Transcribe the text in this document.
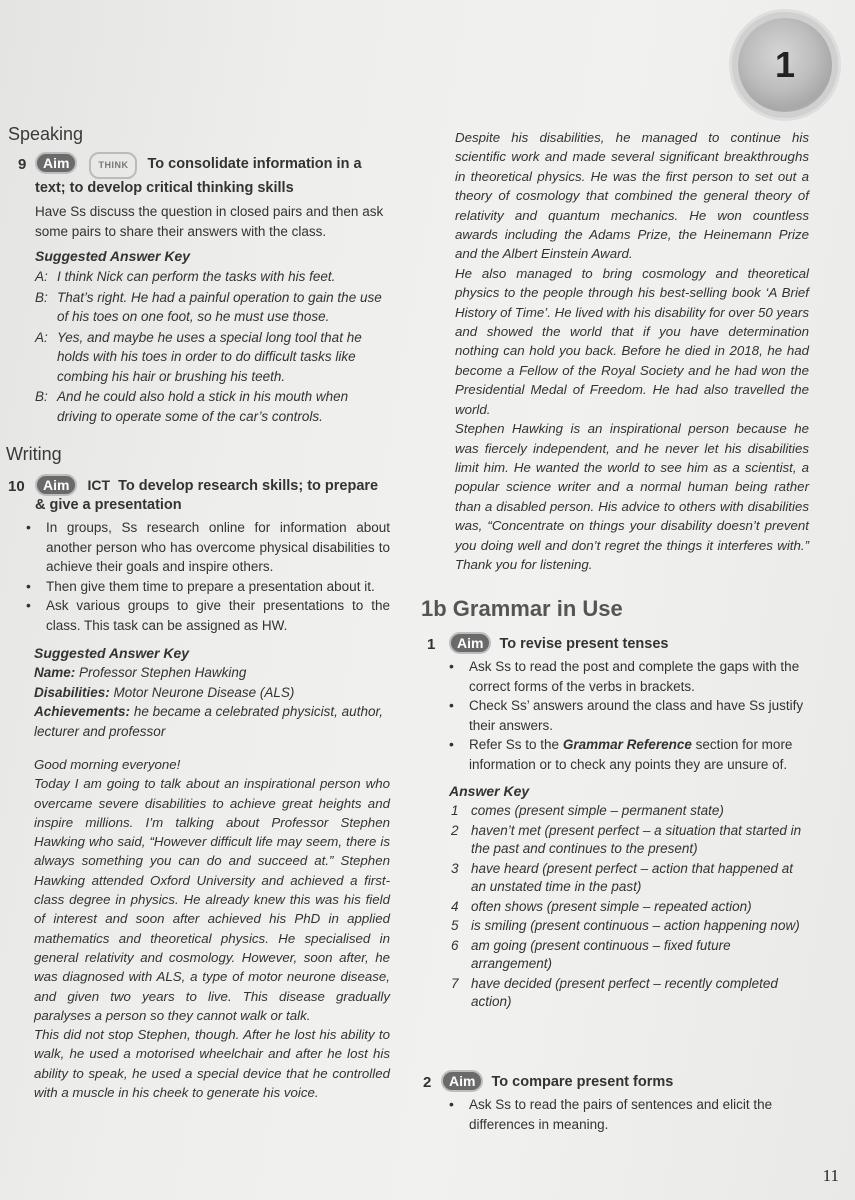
1
Speaking
9	Aim	THINK To consolidate information in a text; to develop critical thinking skills
Have Ss discuss the question in closed pairs and then ask some pairs to share their answers with the class.
Suggested Answer Key
A: I think Nick can perform the tasks with his feet.
B: That’s right. He had a painful operation to gain the use of his toes on one foot, so he must use those.
A: Yes, and maybe he uses a special long tool that he holds with his toes in order to do difficult tasks like combing his hair or brushing his teeth.
B: And he could also hold a stick in his mouth when driving to operate some of the car’s controls.
Writing
10	Aim ICT To develop research skills; to prepare & give a presentation
• In groups, Ss research online for information about another person who has overcome physical disabilities to achieve their goals and inspire others.
• Then give them time to prepare a presentation about it.
• Ask various groups to give their presentations to the class. This task can be assigned as HW.
Suggested Answer Key
Name: Professor Stephen Hawking
Disabilities: Motor Neurone Disease (ALS)
Achievements: he became a celebrated physicist, author, lecturer and professor
Good morning everyone!
Today I am going to talk about an inspirational person who overcame severe disabilities to achieve great heights and inspire millions. I’m talking about Professor Stephen Hawking who said, “However difficult life may seem, there is always something you can do and succeed at.” Stephen Hawking attended Oxford University and achieved a first-class degree in physics. He already knew this was his field of interest and soon after achieved his PhD in applied mathematics and theoretical physics. He specialised in general relativity and cosmology. However, soon after, he was diagnosed with ALS, a type of motor neurone disease, and given two years to live. This disease gradually paralyses a person so they cannot walk or talk.
This did not stop Stephen, though. After he lost his ability to walk, he used a motorised wheelchair and after he lost his ability to speak, he used a special device that he controlled with a muscle in his cheek to generate his voice.
Despite his disabilities, he managed to continue his scientific work and made several significant breakthroughs in theoretical physics. He was the first person to set out a theory of cosmology that combined the general theory of relativity and quantum mechanics. He won countless awards including the Adams Prize, the Heinemann Prize and the Albert Einstein Award.
He also managed to bring cosmology and theoretical physics to the people through his best-selling book ‘A Brief History of Time’. He lived with his disability for over 50 years and showed the world that if you have determination nothing can hold you back. Before he died in 2018, he had become a Fellow of the Royal Society and he had won the Presidential Medal of Freedom. He had also travelled the world.
Stephen Hawking is an inspirational person because he was fiercely independent, and he never let his disabilities limit him. He wanted the world to see him as a scientist, a popular science writer and a normal human being rather than a disabled person. His advice to others with disabilities was, “Concentrate on things your disability doesn’t prevent you doing well and don’t regret the things it interferes with.” Thank you for listening.
1b Grammar in Use
1	Aim To revise present tenses
• Ask Ss to read the post and complete the gaps with the correct forms of the verbs in brackets.
• Check Ss’ answers around the class and have Ss justify their answers.
• Refer Ss to the Grammar Reference section for more information or to check any points they are unsure of.
Answer Key
1 comes (present simple – permanent state)
2 haven’t met (present perfect – a situation that started in the past and continues to the present)
3 have heard (present perfect – action that happened at an unstated time in the past)
4 often shows (present simple – repeated action)
5 is smiling (present continuous – action happening now)
6 am going (present continuous – fixed future arrangement)
7 have decided (present perfect – recently completed action)
2	Aim To compare present forms
• Ask Ss to read the pairs of sentences and elicit the differences in meaning.
11
